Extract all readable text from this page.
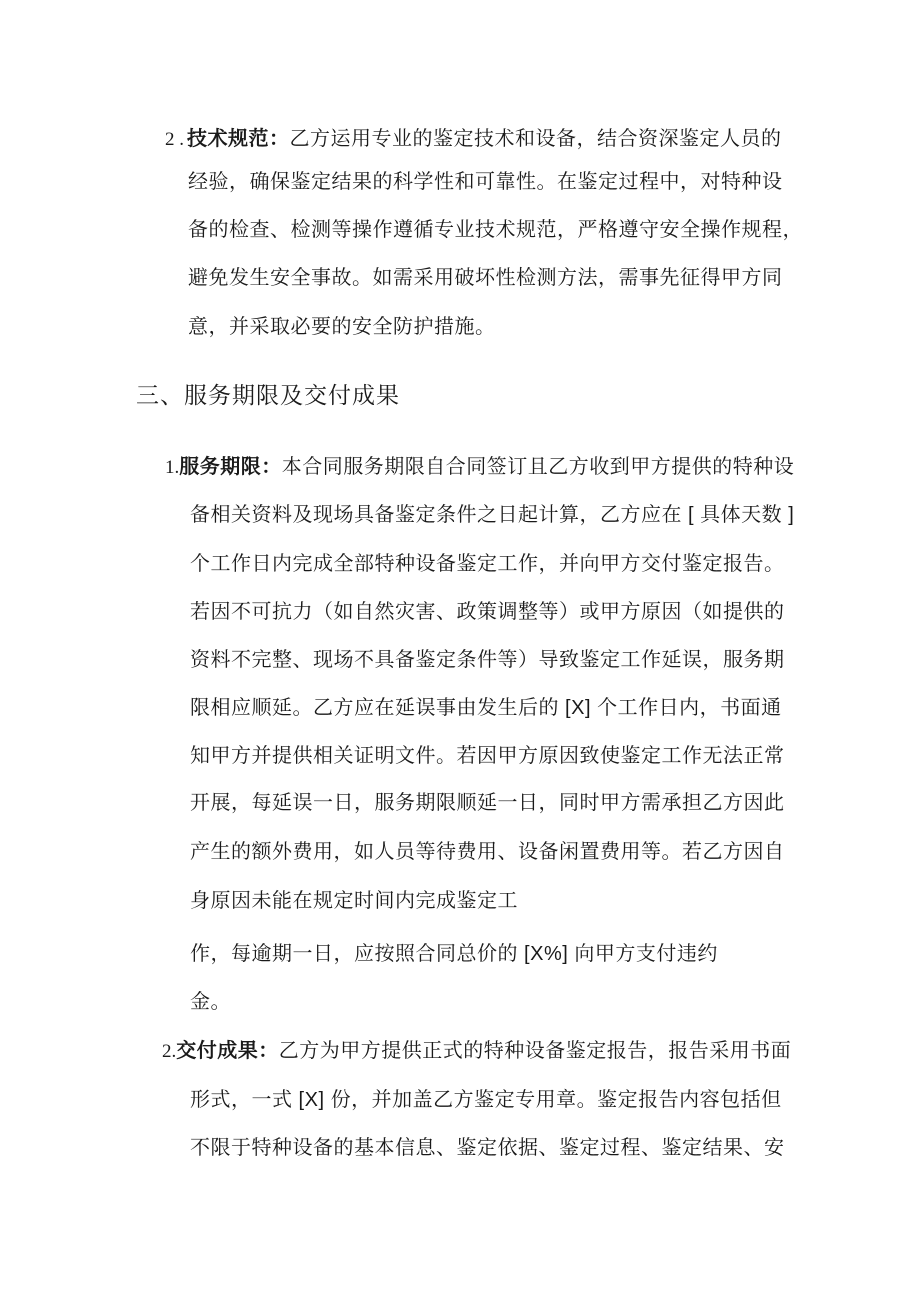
2 . 技术规范：乙方运用专业的鉴定技术和设备，结合资深鉴定人员的
经验，确保鉴定结果的科学性和可靠性。在鉴定过程中，对特种设
备的检查、检测等操作遵循专业技术规范，严格遵守安全操作规程，
避免发生安全事故。如需采用破坏性检测方法，需事先征得甲方同
意，并采取必要的安全防护措施。
三、服务期限及交付成果
1.服务期限：本合同服务期限自合同签订且乙方收到甲方提供的特种设
备相关资料及现场具备鉴定条件之日起计算，乙方应在 [ 具体天数 ]
个工作日内完成全部特种设备鉴定工作，并向甲方交付鉴定报告。
若因不可抗力（如自然灾害、政策调整等）或甲方原因（如提供的
资料不完整、现场不具备鉴定条件等）导致鉴定工作延误，服务期
限相应顺延。乙方应在延误事由发生后的 [X] 个工作日内，书面通
知甲方并提供相关证明文件。若因甲方原因致使鉴定工作无法正常
开展，每延误一日，服务期限顺延一日，同时甲方需承担乙方因此
产生的额外费用，如人员等待费用、设备闲置费用等。若乙方因自
身原因未能在规定时间内完成鉴定工
作，每逾期一日，应按照合同总价的 [X%] 向甲方支付违约
金。
2.交付成果：乙方为甲方提供正式的特种设备鉴定报告，报告采用书面
形式，一式 [X] 份，并加盖乙方鉴定专用章。鉴定报告内容包括但
不限于特种设备的基本信息、鉴定依据、鉴定过程、鉴定结果、安
